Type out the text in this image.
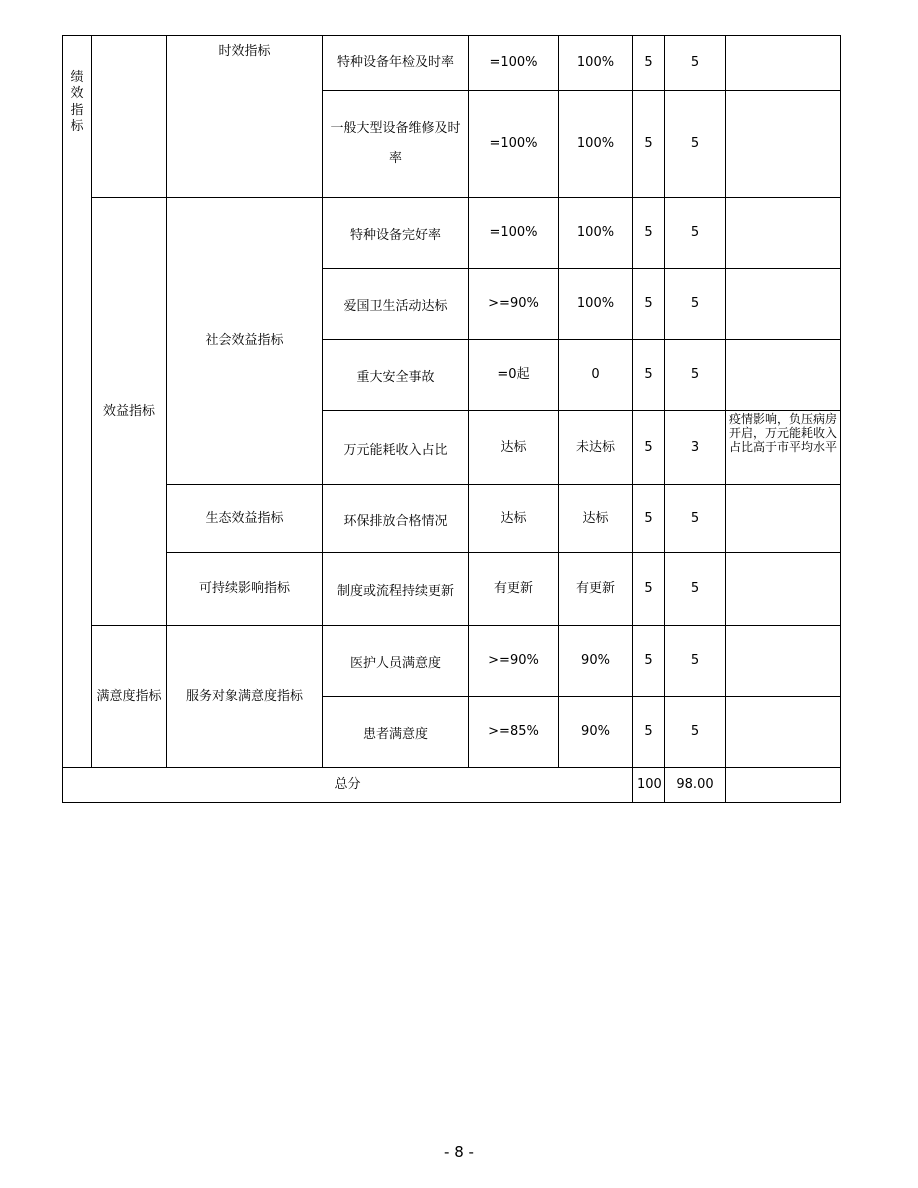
绩效指标		时效指标	特种设备年检及时率	=100%	100%	5	5	
			一般大型设备维修及时率	=100%	100%	5	5	
	效益指标	社会效益指标	特种设备完好率	=100%	100%	5	5	
			爱国卫生活动达标	>=90%	100%	5	5	
			重大安全事故	=0起	0	5	5	
			万元能耗收入占比	达标	未达标	5	3	疫情影响，负压病房开启，万元能耗收入占比高于市平均水平
		生态效益指标	环保排放合格情况	达标	达标	5	5	
		可持续影响指标	制度或流程持续更新	有更新	有更新	5	5	
	满意度指标	服务对象满意度指标	医护人员满意度	>=90%	90%	5	5	
			患者满意度	>=85%	90%	5	5	
总分						100	98.00	
- 8 -
